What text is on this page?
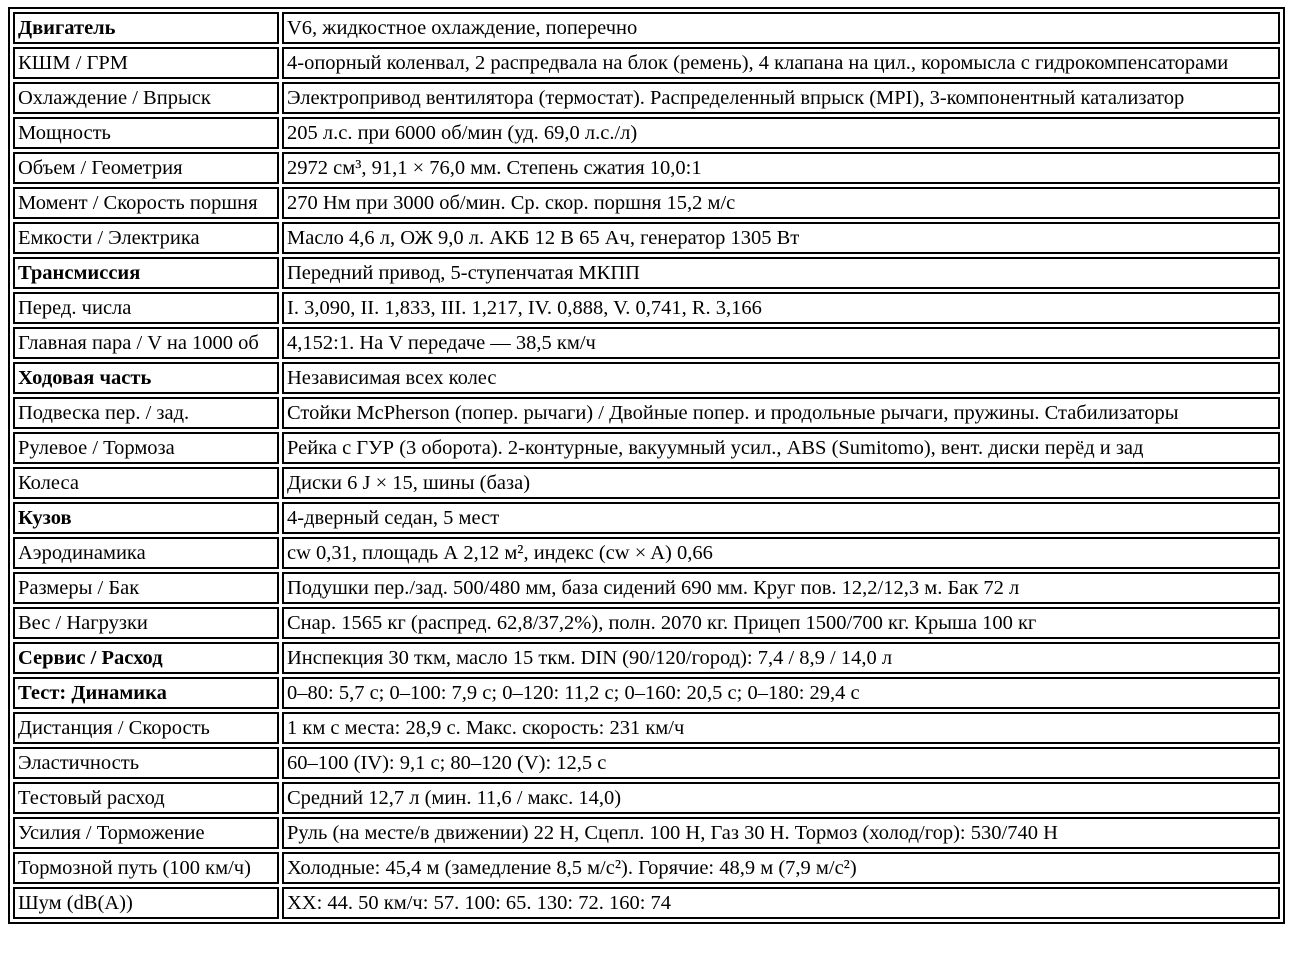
Двигатель	V6, жидкостное охлаждение, поперечно
КШМ / ГРМ	4-опорный коленвал, 2 распредвала на блок (ремень), 4 клапана на цил., коромысла с гидрокомпенсаторами
Охлаждение / Впрыск	Электропривод вентилятора (термостат). Распределенный впрыск (MPI), 3-компонентный катализатор
Мощность	205 л.с. при 6000 об/мин (уд. 69,0 л.с./л)
Объем / Геометрия	2972 см³, 91,1 × 76,0 мм. Степень сжатия 10,0:1
Момент / Скорость поршня	270 Нм при 3000 об/мин. Ср. скор. поршня 15,2 м/с
Емкости / Электрика	Масло 4,6 л, ОЖ 9,0 л. АКБ 12 В 65 Ач, генератор 1305 Вт
Трансмиссия	Передний привод, 5-ступенчатая МКПП
Перед. числа	I. 3,090, II. 1,833, III. 1,217, IV. 0,888, V. 0,741, R. 3,166
Главная пара / V на 1000 об	4,152:1. На V передаче — 38,5 км/ч
Ходовая часть	Независимая всех колес
Подвеска пер. / зад.	Стойки McPherson (попер. рычаги) / Двойные попер. и продольные рычаги, пружины. Стабилизаторы
Рулевое / Тормоза	Рейка с ГУР (3 оборота). 2-контурные, вакуумный усил., ABS (Sumitomo), вент. диски перёд и зад
Колеса	Диски 6 J × 15, шины (база)
Кузов	4-дверный седан, 5 мест
Аэродинамика	cw 0,31, площадь А 2,12 м², индекс (cw × A) 0,66
Размеры / Бак	Подушки пер./зад. 500/480 мм, база сидений 690 мм. Круг пов. 12,2/12,3 м. Бак 72 л
Вес / Нагрузки	Снар. 1565 кг (распред. 62,8/37,2%), полн. 2070 кг. Прицеп 1500/700 кг. Крыша 100 кг
Сервис / Расход	Инспекция 30 ткм, масло 15 ткм. DIN (90/120/город): 7,4 / 8,9 / 14,0 л
Тест: Динамика	0–80: 5,7 с; 0–100: 7,9 с; 0–120: 11,2 с; 0–160: 20,5 с; 0–180: 29,4 с
Дистанция / Скорость	1 км с места: 28,9 с. Макс. скорость: 231 км/ч
Эластичность	60–100 (IV): 9,1 с; 80–120 (V): 12,5 с
Тестовый расход	Средний 12,7 л (мин. 11,6 / макс. 14,0)
Усилия / Торможение	Руль (на месте/в движении) 22 Н, Сцепл. 100 Н, Газ 30 Н. Тормоз (холод/гор): 530/740 Н
Тормозной путь (100 км/ч)	Холодные: 45,4 м (замедление 8,5 м/с²). Горячие: 48,9 м (7,9 м/с²)
Шум (dB(A))	XX: 44. 50 км/ч: 57. 100: 65. 130: 72. 160: 74
